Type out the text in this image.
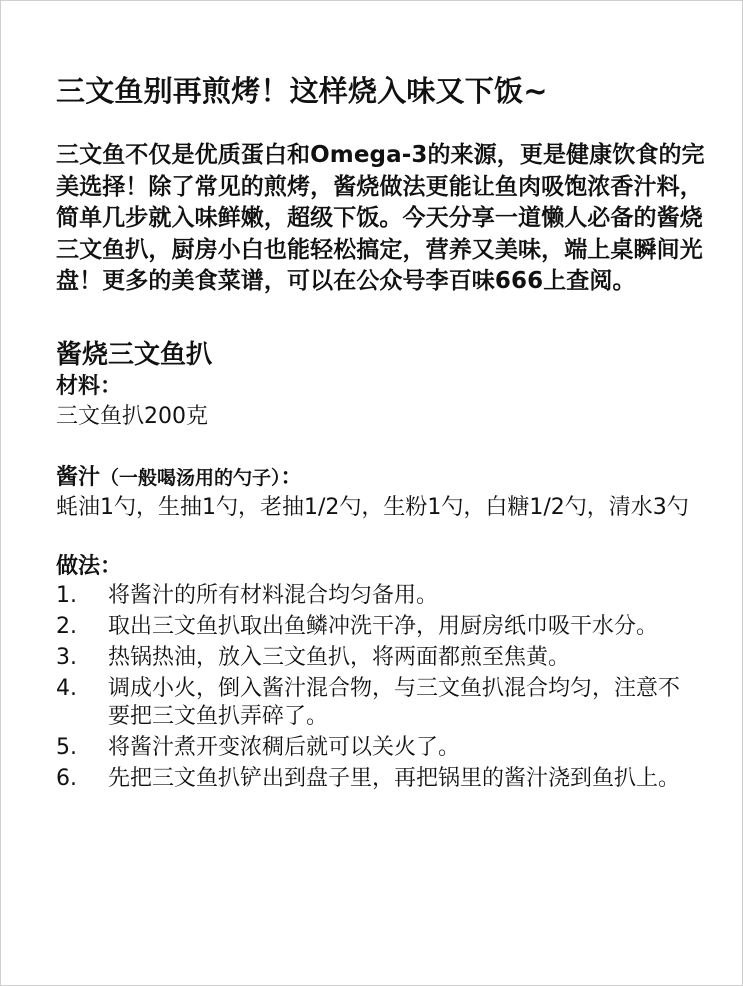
三文鱼别再煎烤！这样烧入味又下饭~
三文鱼不仅是优质蛋白和Omega-3的来源，更是健康饮食的完美选择！除了常见的煎烤，酱烧做法更能让鱼肉吸饱浓香汁料，简单几步就入味鲜嫩，超级下饭。今天分享一道懒人必备的酱烧三文鱼扒，厨房小白也能轻松搞定，营养又美味，端上桌瞬间光盘！更多的美食菜谱，可以在公众号李百味666上查阅。
酱烧三文鱼扒
材料：
三文鱼扒200克
酱汁（一般喝汤用的勺子）：
蚝油1勺，生抽1勺，老抽1/2勺，生粉1勺，白糖1/2勺，清水3勺
做法：
1.	将酱汁的所有材料混合均匀备用。
2.	取出三文鱼扒取出鱼鳞冲洗干净，用厨房纸巾吸干水分。
3.	热锅热油，放入三文鱼扒，将两面都煎至焦黄。
4.	调成小火，倒入酱汁混合物，与三文鱼扒混合均匀，注意不要把三文鱼扒弄碎了。
5.	将酱汁煮开变浓稠后就可以关火了。
6.	先把三文鱼扒铲出到盘子里，再把锅里的酱汁浇到鱼扒上。
